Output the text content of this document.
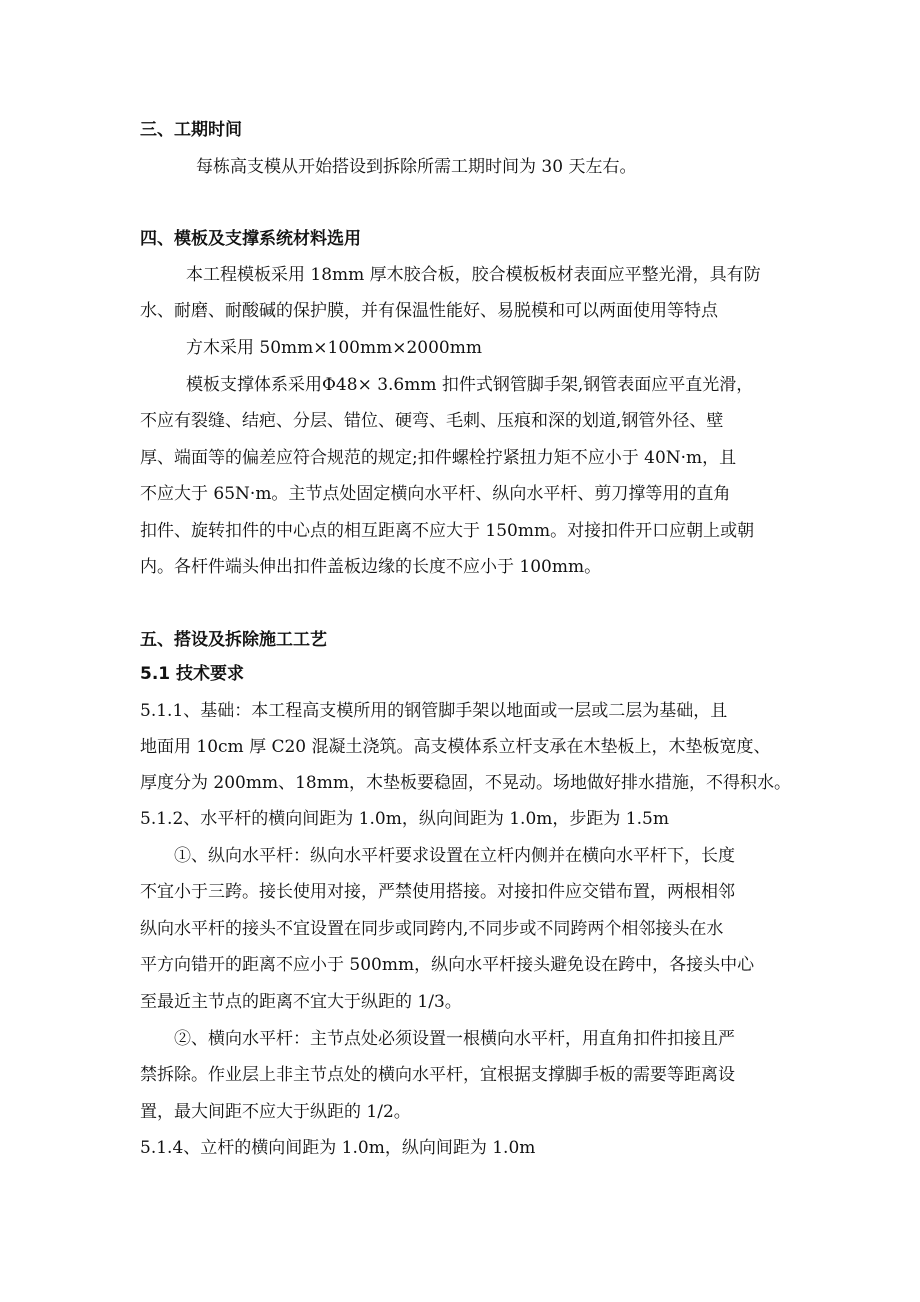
三、工期时间
每栋高支模从开始搭设到拆除所需工期时间为 30 天左右。
四、模板及支撑系统材料选用
本工程模板采用 18mm 厚木胶合板，胶合模板板材表面应平整光滑，具有防
水、耐磨、耐酸碱的保护膜，并有保温性能好、易脱模和可以两面使用等特点
方木采用 50mm×100mm×2000mm
模板支撑体系采用Φ48× 3.6mm 扣件式钢管脚手架,钢管表面应平直光滑，
不应有裂缝、结疤、分层、错位、硬弯、毛刺、压痕和深的划道,钢管外径、壁
厚、端面等的偏差应符合规范的规定;扣件螺栓拧紧扭力矩不应小于 40N·m，且
不应大于 65N·m。主节点处固定横向水平杆、纵向水平杆、剪刀撑等用的直角
扣件、旋转扣件的中心点的相互距离不应大于 150mm。对接扣件开口应朝上或朝
内。各杆件端头伸出扣件盖板边缘的长度不应小于 100mm。
五、搭设及拆除施工工艺
5.1 技术要求
5.1.1、基础：本工程高支模所用的钢管脚手架以地面或一层或二层为基础，且
地面用 10cm 厚 C20 混凝土浇筑。高支模体系立杆支承在木垫板上，木垫板宽度、
厚度分为 200mm、18mm，木垫板要稳固，不晃动。场地做好排水措施，不得积水。
5.1.2、水平杆的横向间距为 1.0m，纵向间距为 1.0m，步距为 1.5m
①、纵向水平杆：纵向水平杆要求设置在立杆内侧并在横向水平杆下，长度
不宜小于三跨。接长使用对接，严禁使用搭接。对接扣件应交错布置，两根相邻
纵向水平杆的接头不宜设置在同步或同跨内,不同步或不同跨两个相邻接头在水
平方向错开的距离不应小于 500mm，纵向水平杆接头避免设在跨中，各接头中心
至最近主节点的距离不宜大于纵距的 1/3。
②、横向水平杆：主节点处必须设置一根横向水平杆，用直角扣件扣接且严
禁拆除。作业层上非主节点处的横向水平杆，宜根据支撑脚手板的需要等距离设
置，最大间距不应大于纵距的 1/2。
5.1.4、立杆的横向间距为 1.0m，纵向间距为 1.0m
